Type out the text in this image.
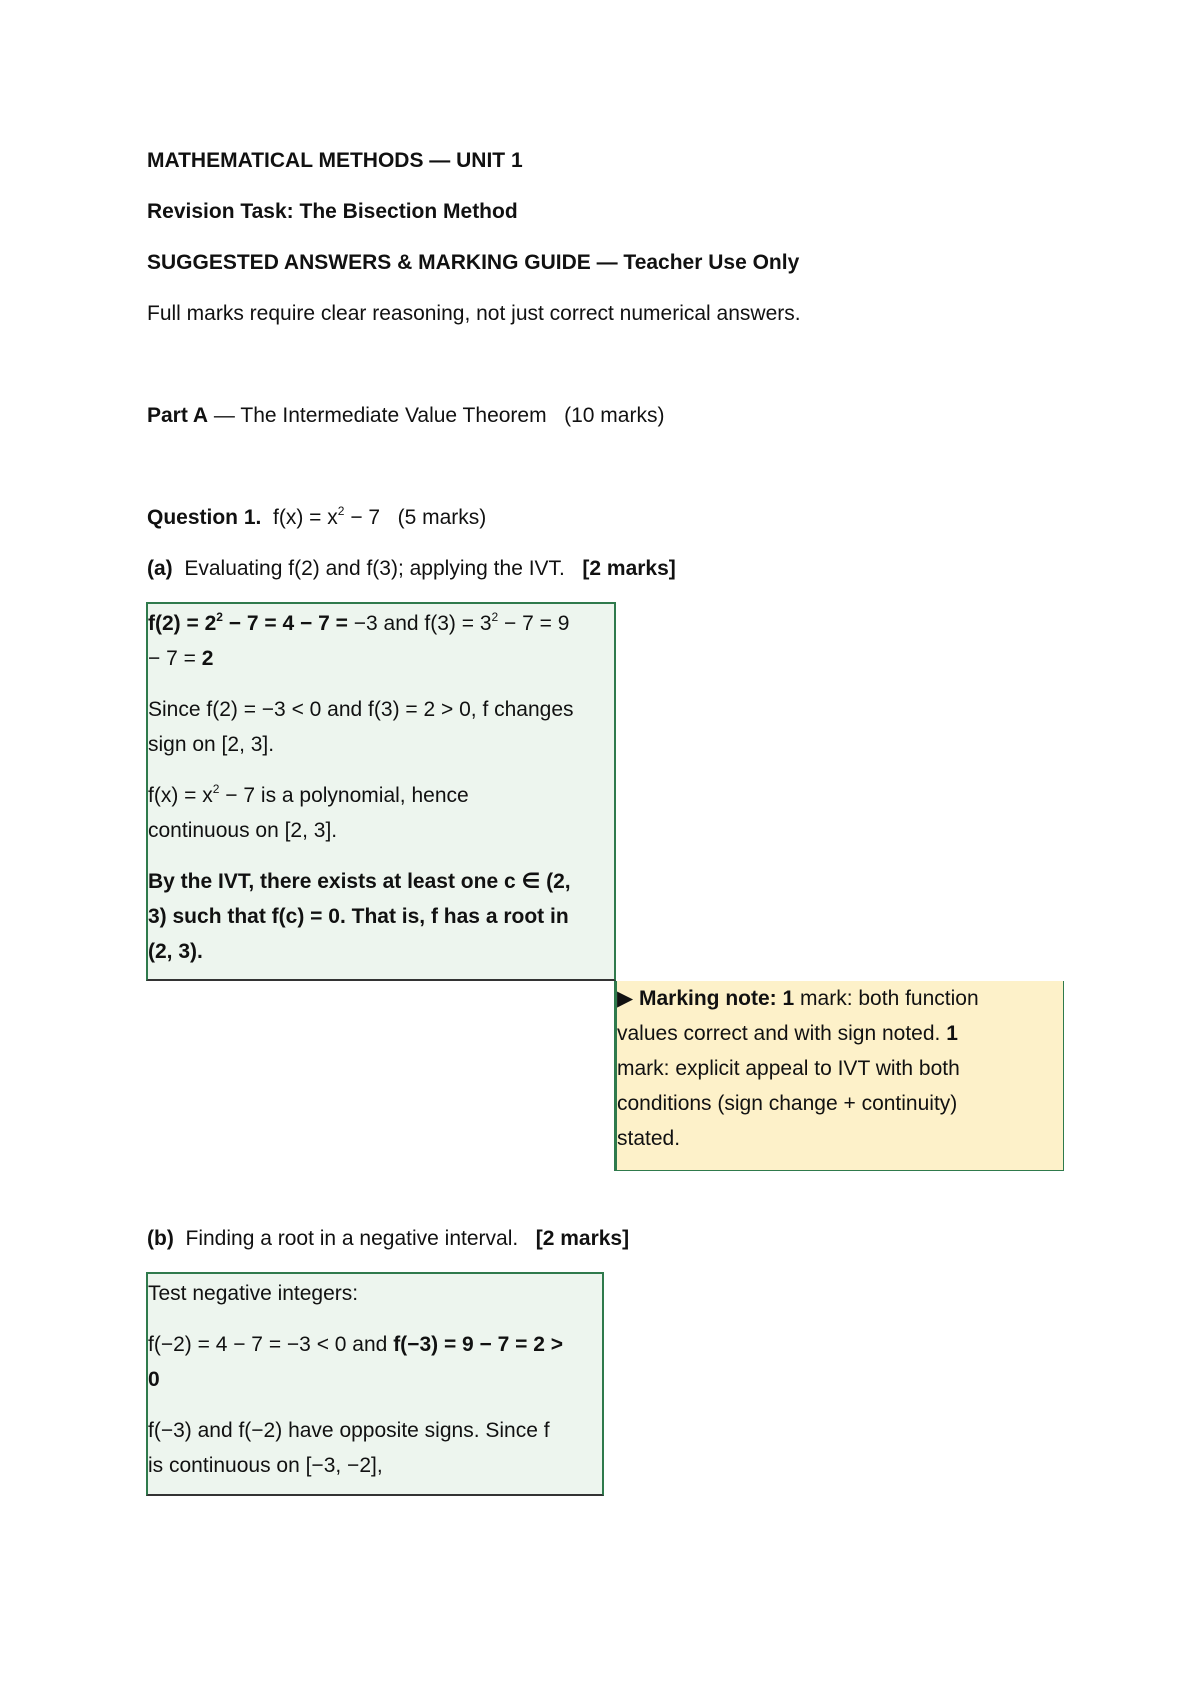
MATHEMATICAL METHODS — UNIT 1
Revision Task: The Bisection Method
SUGGESTED ANSWERS & MARKING GUIDE — Teacher Use Only
Full marks require clear reasoning, not just correct numerical answers.
Part A — The Intermediate Value Theorem (10 marks)
Question 1. $f(x) = x^2 - 7$ (5 marks)
(a) Evaluating f(2) and f(3); applying the IVT. [2 marks]

$f(2) = 2^2 - 7 = 4 - 7 = -3$ and $f(3) = 3^2 - 7 = 9$

− 7 = 2

Since f(2) = −3 < 0 and f(3) = 2 > 0, f changes

sign on [2, 3].

$f(x) = x^2 - 7$ is a polynomial, hence

continuous on [2, 3].

By the IVT, there exists at least one c ∈ (2,

3) such that f(c) = 0. That is, f has a root in

(2, 3).

▶ Marking note: 1 mark: both function

values correct and with sign noted. 1

mark: explicit appeal to IVT with both

conditions (sign change + continuity)

stated.

(b) Finding a root in a negative interval. [2 marks]

Test negative integers:

f(−2) = 4 − 7 = −3 < 0 and f(−3) = 9 − 7 = 2 >

0

f(−3) and f(−2) have opposite signs. Since f

is continuous on [−3, −2],
